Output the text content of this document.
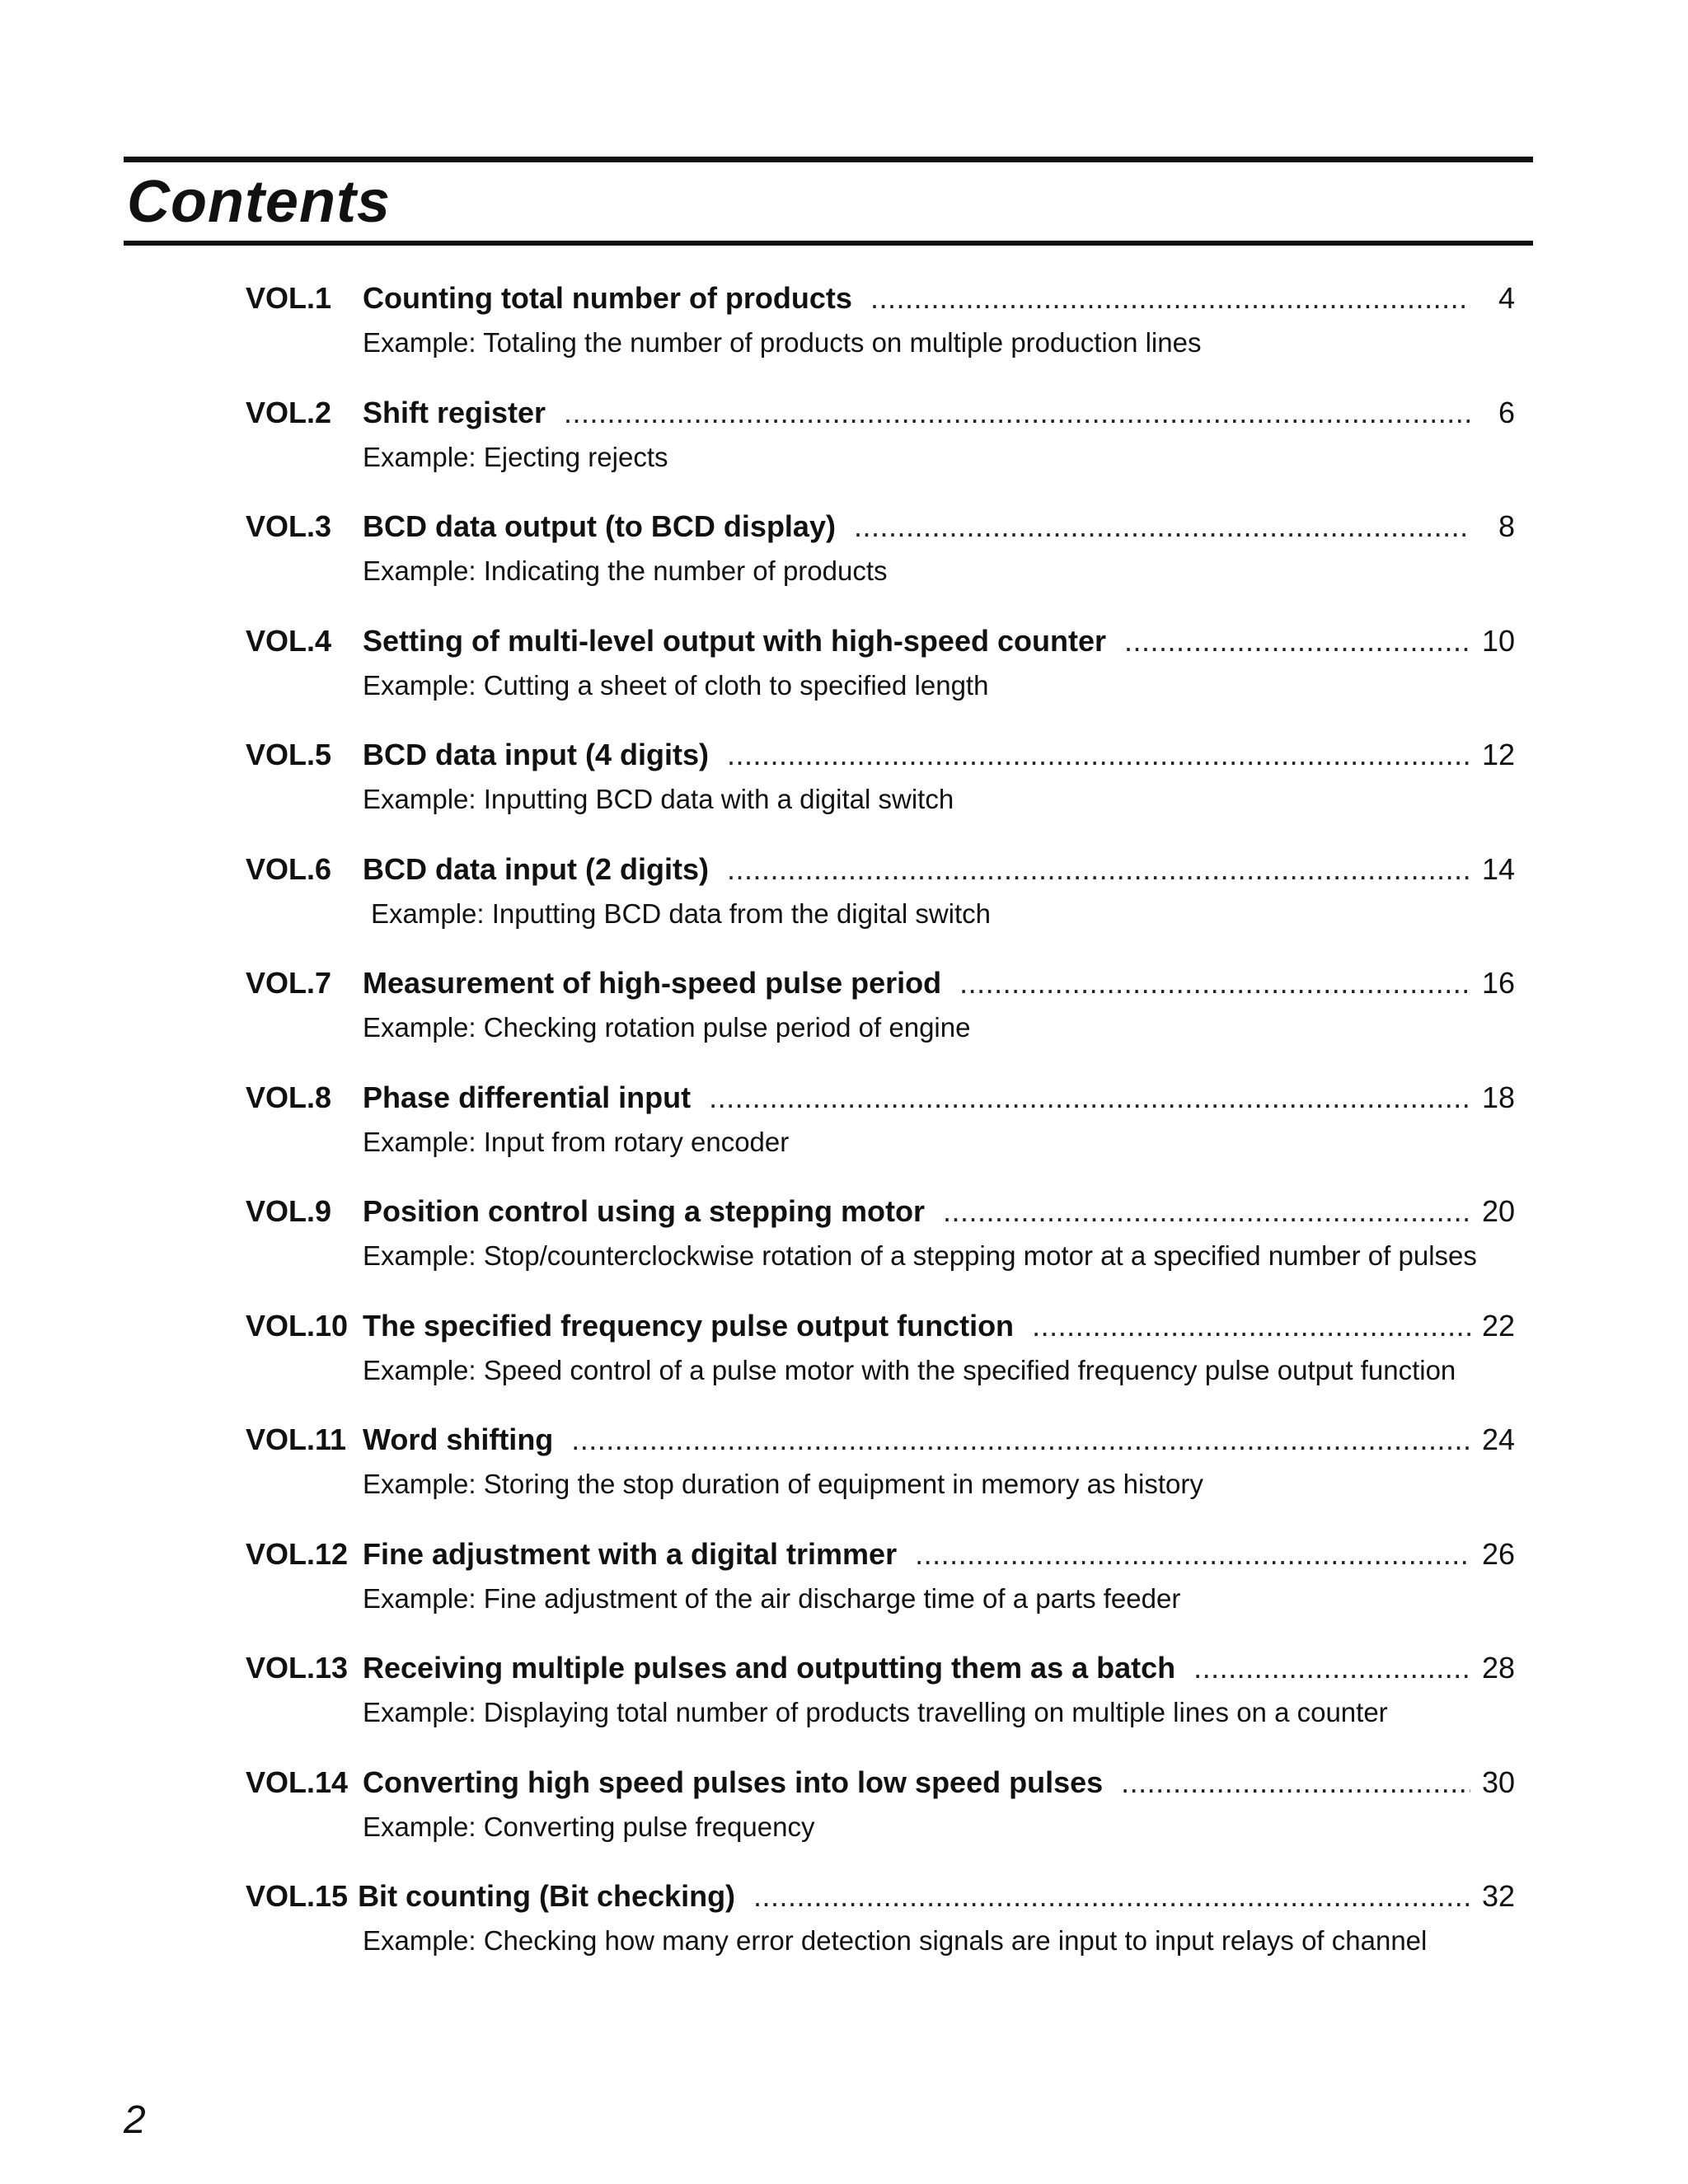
Contents
VOL.1	Counting total number of products .....	4
Example: Totaling the number of products on multiple production lines
VOL.2	Shift register .....	6
Example: Ejecting rejects
VOL.3	BCD data output (to BCD display) .....	8
Example: Indicating the number of products
VOL.4	Setting of multi-level output with high-speed counter .....	10
Example: Cutting a sheet of cloth to specified length
VOL.5	BCD data input (4 digits) .....	12
Example: Inputting BCD data with a digital switch
VOL.6	BCD data input (2 digits) .....	14
Example: Inputting BCD data from the digital switch
VOL.7	Measurement of high-speed pulse period .....	16
Example: Checking rotation pulse period of engine
VOL.8	Phase differential input .....	18
Example: Input from rotary encoder
VOL.9	Position control using a stepping motor .....	20
Example: Stop/counterclockwise rotation of a stepping motor at a specified number of pulses
VOL.10 The specified frequency pulse output function .....	22
Example: Speed control of a pulse motor with the specified frequency pulse output function
VOL.11 Word shifting .....	24
Example: Storing the stop duration of equipment in memory as history
VOL.12 Fine adjustment with a digital trimmer .....	26
Example: Fine adjustment of the air discharge time of a parts feeder
VOL.13 Receiving multiple pulses and outputting them as a batch .....	28
Example: Displaying total number of products travelling on multiple lines on a counter
VOL.14 Converting high speed pulses into low speed pulses .....	30
Example: Converting pulse frequency
VOL.15 Bit counting (Bit checking) .....	32
Example: Checking how many error detection signals are input to input relays of channel
2
